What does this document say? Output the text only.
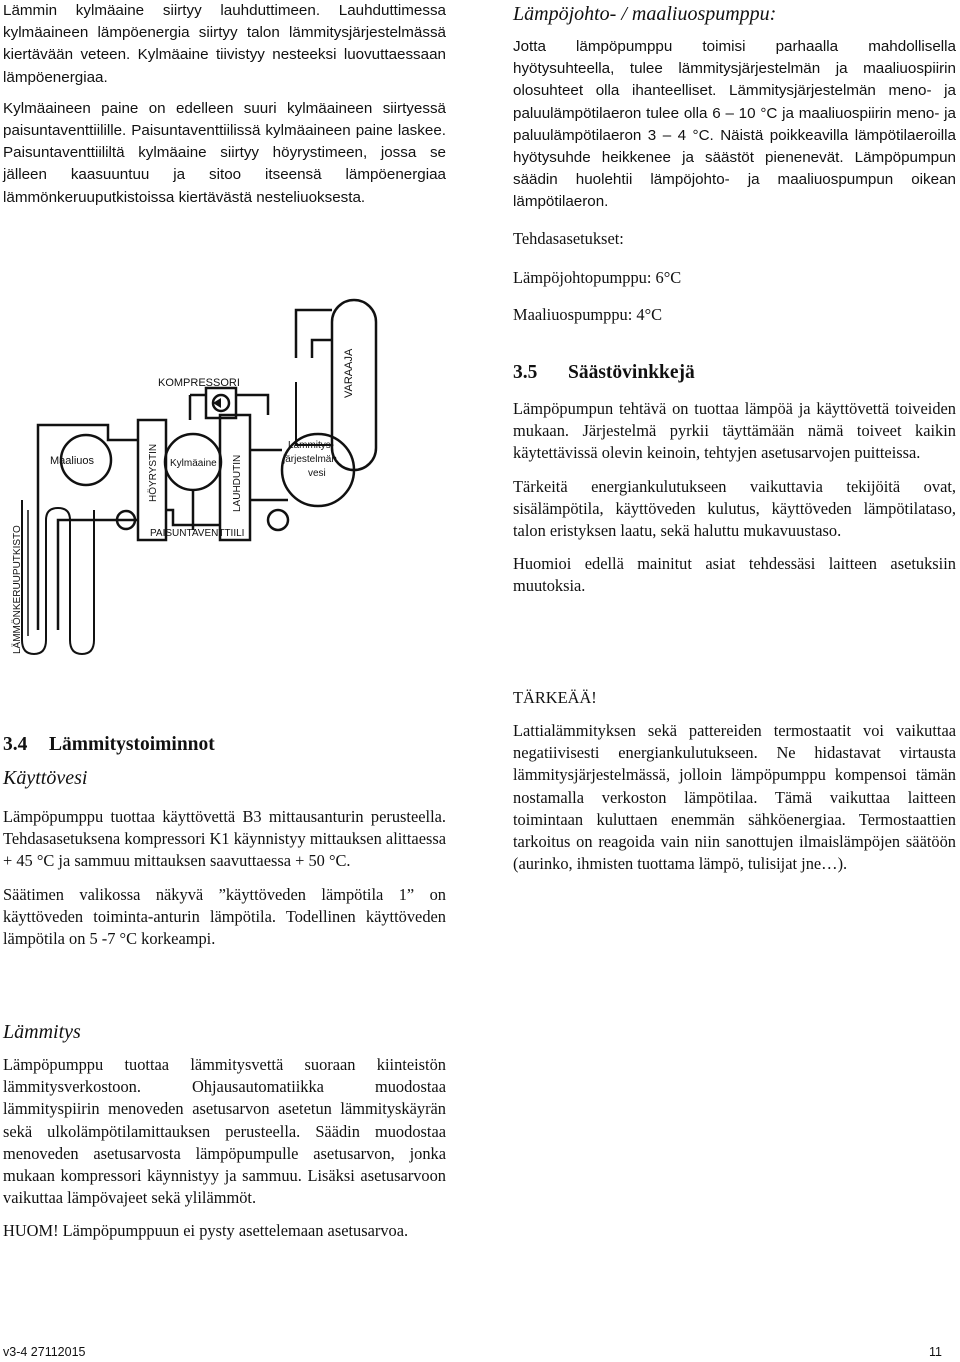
Lämmin kylmäaine siirtyy lauhduttimeen. Lauhduttimessa kylmäaineen lämpöenergia siirtyy talon lämmitysjärjestelmässä kiertävään veteen. Kylmäaine tiivistyy nesteeksi luovuttaessaan lämpöenergiaa.

Kylmäaineen paine on edelleen suuri kylmäaineen siirtyessä paisuntaventtiilille. Paisuntaventtiilissä kylmäaineen paine laskee. Paisuntaventtiililtä kylmäaine siirtyy höyrystimeen, jossa se jälleen kaasuuntuu ja sitoo itseensä lämpöenergiaa lämmönkeruuputkistoissa kiertävästä nesteliuoksesta.

VARAAJA
KOMPRESSORI
Maaliuos	HÖYRYSTIN Kylmäaine LAUHDUTIN
Lämmitys-
järjestelmän
vesi
PAISUNTAVENTTIILI
LÄMMÖNKERUUPUTKISTO
3.4 Lämmitystoiminnot
Käyttövesi

Lämpöpumppu tuottaa käyttövettä B3 mittausanturin perusteella. Tehdasasetuksena kompressori K1 käynnistyy mittauksen alittaessa + 45 °C ja sammuu mittauksen saavuttaessa + 50 °C.

Säätimen valikossa näkyvä ”käyttöveden lämpötila 1” on käyttöveden toiminta-anturin lämpötila. Todellinen käyttöveden lämpötila on 5 -7 °C korkeampi.

Lämmitys

Lämpöpumppu tuottaa lämmitysvettä suoraan kiinteistön lämmitysverkostoon. Ohjausautomatiikka muodostaa lämmityspiirin menoveden asetusarvon asetetun lämmityskäyrän sekä ulkolämpötilamittauksen perusteella. Säädin muodostaa menoveden asetusarvosta lämpöpumpulle asetusarvon, jonka mukaan kompressori käynnistyy ja sammuu. Lisäksi asetusarvoon vaikuttaa lämpövajeet sekä ylilämmöt.

HUOM! Lämpöpumppuun ei pysty asettelemaan asetusarvoa.

Lämpöjohto- / maaliuospumppu:

Jotta lämpöpumppu toimisi parhaalla mahdollisella hyötysuhteella, tulee lämmitysjärjestelmän ja maaliuospiirin olosuhteet olla ihanteelliset. Lämmitysjärjestelmän meno- ja paluulämpötilaeron tulee olla 6 – 10 °C ja maaliuospiirin meno- ja paluulämpötilaeron 3 – 4 °C. Näistä poikkeavilla lämpötilaeroilla hyötysuhde heikkenee ja säästöt pienenevät. Lämpöpumpun säädin huolehtii lämpöjohto- ja maaliuospumpun oikean lämpötilaeron.

Tehdasasetukset:
Lämpöjohtopumppu: 6°C
Maaliuospumppu: 4°C
3.5 Säästövinkkejä

Lämpöpumpun tehtävä on tuottaa lämpöä ja käyttövettä toiveiden mukaan. Järjestelmä pyrkii täyttämään nämä toiveet kaikin käytettävissä olevin keinoin, tehtyjen asetusarvojen puitteissa.

Tärkeitä energiankulutukseen vaikuttavia tekijöitä ovat, sisälämpötila, käyttöveden kulutus, käyttöveden lämpötilataso, talon eristyksen laatu, sekä haluttu mukavuustaso.

Huomioi edellä mainitut asiat tehdessäsi laitteen asetuksiin muutoksia.

TÄRKEÄÄ!

Lattialämmityksen sekä pattereiden termostaatit voi vaikuttaa negatiivisesti energiankulutukseen. Ne hidastavat virtausta lämmitysjärjestelmässä, jolloin lämpöpumppu kompensoi tämän nostamalla verkoston lämpötilaa. Tämä vaikuttaa laitteen toimintaan kuluttaen enemmän sähköenergiaa. Termostaattien tarkoitus on reagoida vain niin sanottujen ilmaislämpöjen säätöön (aurinko, ihmisten tuottama lämpö, tulisijat jne…).

v3-4 27112015	11
